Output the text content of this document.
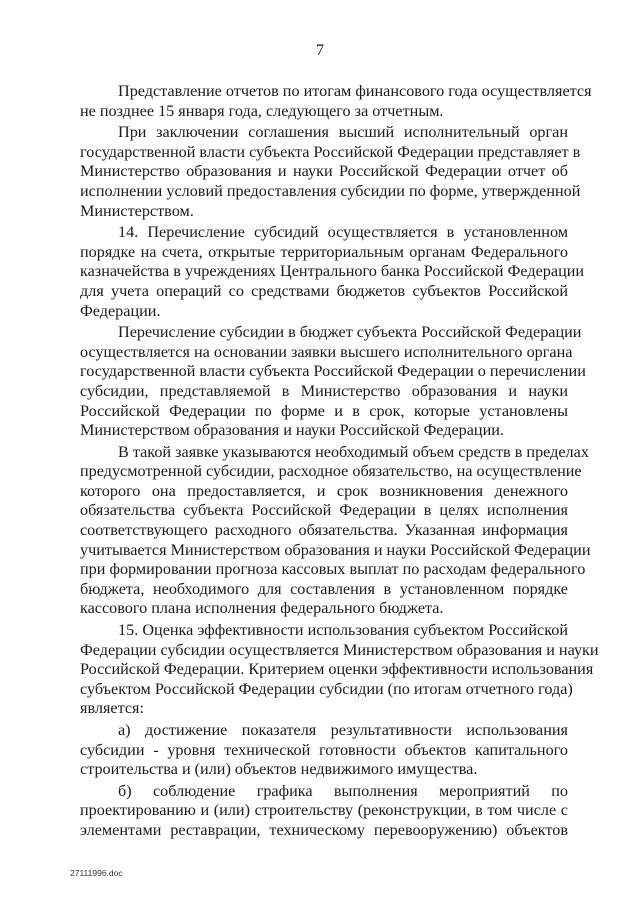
7
Представление отчетов по итогам финансового года осуществляется
не позднее 15 января года, следующего за отчетным.
При заключении соглашения высший исполнительный орган
государственной власти субъекта Российской Федерации представляет в
Министерство образования и науки Российской Федерации отчет об
исполнении условий предоставления субсидии по форме, утвержденной
Министерством.
14. Перечисление субсидий осуществляется в установленном
порядке на счета, открытые территориальным органам Федерального
казначейства в учреждениях Центрального банка Российской Федерации
для учета операций со средствами бюджетов субъектов Российской
Федерации.
Перечисление субсидии в бюджет субъекта Российской Федерации
осуществляется на основании заявки высшего исполнительного органа
государственной власти субъекта Российской Федерации о перечислении
субсидии, представляемой в Министерство образования и науки
Российской Федерации по форме и в срок, которые установлены
Министерством образования и науки Российской Федерации.
В такой заявке указываются необходимый объем средств в пределах
предусмотренной субсидии, расходное обязательство, на осуществление
которого она предоставляется, и срок возникновения денежного
обязательства субъекта Российской Федерации в целях исполнения
соответствующего расходного обязательства. Указанная информация
учитывается Министерством образования и науки Российской Федерации
при формировании прогноза кассовых выплат по расходам федерального
бюджета, необходимого для составления в установленном порядке
кассового плана исполнения федерального бюджета.
15. Оценка эффективности использования субъектом Российской
Федерации субсидии осуществляется Министерством образования и науки
Российской Федерации. Критерием оценки эффективности использования
субъектом Российской Федерации субсидии (по итогам отчетного года)
является:
а) достижение показателя результативности использования
субсидии - уровня технической готовности объектов капитального
строительства и (или) объектов недвижимого имущества.
б) соблюдение графика выполнения мероприятий по
проектированию и (или) строительству (реконструкции, в том числе с
элементами реставрации, техническому перевооружению) объектов
27111996.doc
